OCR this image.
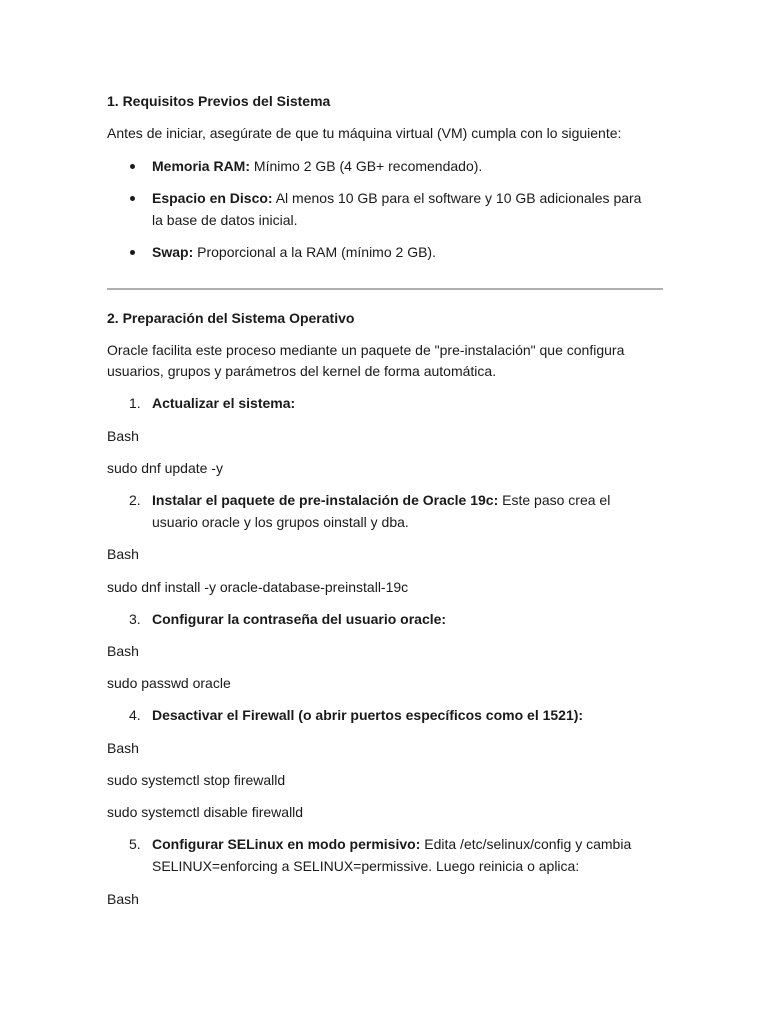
1. Requisitos Previos del Sistema
Antes de iniciar, asegúrate de que tu máquina virtual (VM) cumpla con lo siguiente:
Memoria RAM: Mínimo 2 GB (4 GB+ recomendado).
Espacio en Disco: Al menos 10 GB para el software y 10 GB adicionales para
la base de datos inicial.
Swap: Proporcional a la RAM (mínimo 2 GB).
2. Preparación del Sistema Operativo
Oracle facilita este proceso mediante un paquete de "pre-instalación" que configura
usuarios, grupos y parámetros del kernel de forma automática.
1. Actualizar el sistema:
Bash
sudo dnf update -y
2. Instalar el paquete de pre-instalación de Oracle 19c: Este paso crea el
usuario oracle y los grupos oinstall y dba.
Bash
sudo dnf install -y oracle-database-preinstall-19c
3. Configurar la contraseña del usuario oracle:
Bash
sudo passwd oracle
4. Desactivar el Firewall (o abrir puertos específicos como el 1521):
Bash
sudo systemctl stop firewalld
sudo systemctl disable firewalld
5. Configurar SELinux en modo permisivo: Edita /etc/selinux/config y cambia
SELINUX=enforcing a SELINUX=permissive. Luego reinicia o aplica:
Bash
